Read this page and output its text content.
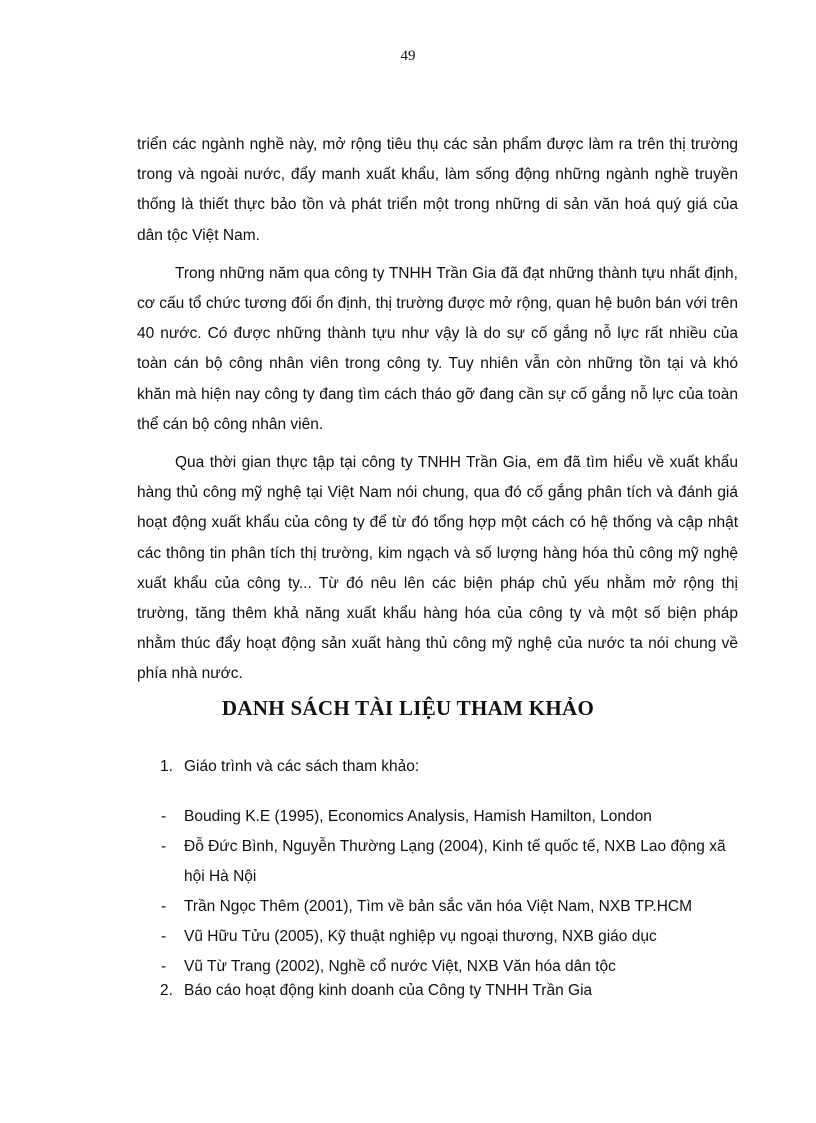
49

triển các ngành nghề này, mở rộng tiêu thụ các sản phẩm được làm ra trên thị trường trong và ngoài nước, đẩy manh xuất khẩu, làm sống động những ngành nghề truyền thống là thiết thực bảo tồn và phát triển một trong những di sản văn hoá quý giá của dân tộc Việt Nam.

Trong những năm qua công ty TNHH Trần Gia đã đạt những thành tựu nhất định, cơ cấu tổ chức tương đối ổn định, thị trường được mở rộng, quan hệ buôn bán với trên 40 nước. Có được những thành tựu như vậy là do sự cố gắng nỗ lực rất nhiều của toàn cán bộ công nhân viên trong công ty. Tuy nhiên vẫn còn những tồn tại và khó khăn mà hiện nay công ty đang tìm cách tháo gỡ đang cần sự cố gắng nỗ lực của toàn thể cán bộ công nhân viên.

Qua thời gian thực tập tại công ty TNHH Trần Gia, em đã tìm hiểu về xuất khẩu hàng thủ công mỹ nghệ tại Việt Nam nói chung, qua đó cố gắng phân tích và đánh giá hoạt động xuất khẩu của công ty để từ đó tổng hợp một cách có hệ thống và cập nhật các thông tin phân tích thị trường, kim ngạch và số lượng hàng hóa thủ công mỹ nghệ xuất khẩu của công ty... Từ đó nêu lên các biện pháp chủ yếu nhằm mở rộng thị trường, tăng thêm khả năng xuất khẩu hàng hóa của công ty và một số biện pháp nhằm thúc đẩy hoạt động sản xuất hàng thủ công mỹ nghệ của nước ta nói chung về phía nhà nước.

DANH SÁCH TÀI LIỆU THAM KHẢO
1. Giáo trình và các sách tham khảo:
- Bouding K.E (1995), Economics Analysis, Hamish Hamilton, London
- Đỗ Đức Bình, Nguyễn Thường Lạng (2004), Kinh tế quốc tế, NXB Lao động xã hội Hà Nội
- Trần Ngọc Thêm (2001), Tìm về bản sắc văn hóa Việt Nam, NXB TP.HCM
- Vũ Hữu Tửu (2005), Kỹ thuật nghiệp vụ ngoại thương, NXB giáo dục
- Vũ Từ Trang (2002), Nghề cổ nước Việt, NXB Văn hóa dân tộc
2. Báo cáo hoạt động kinh doanh của Công ty TNHH Trần Gia
